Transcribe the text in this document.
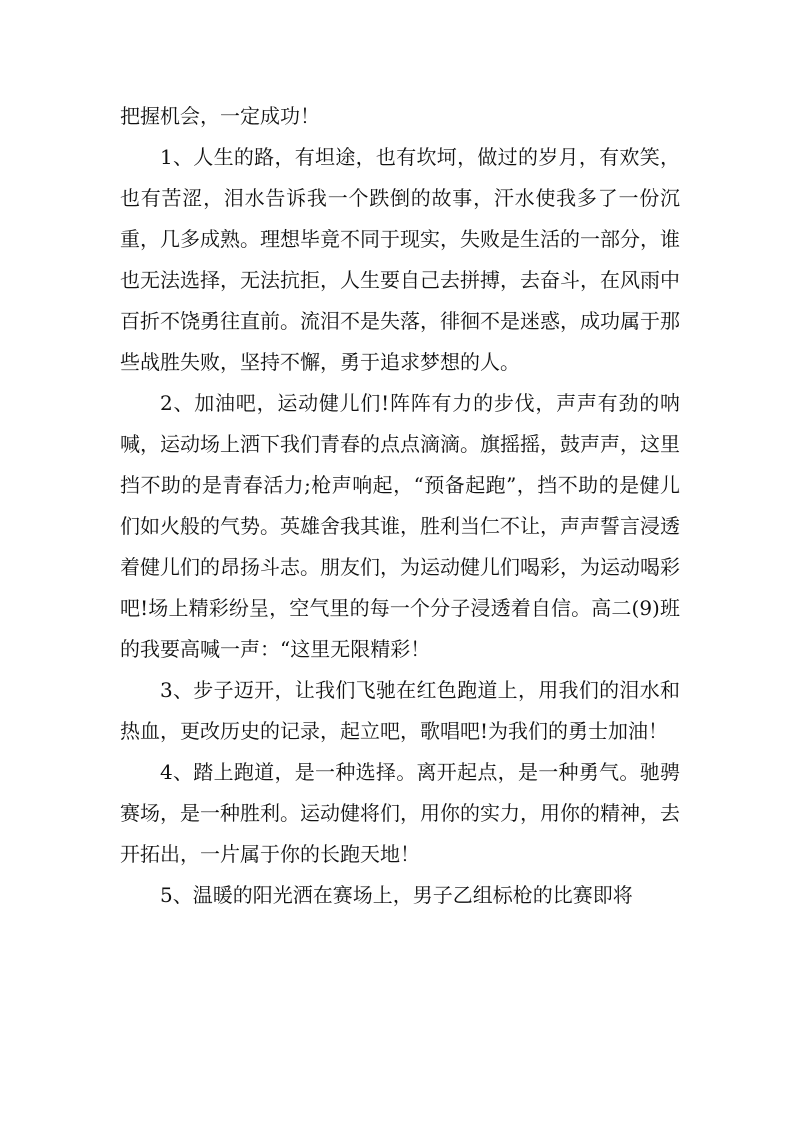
把握机会，一定成功！

1、人生的路，有坦途，也有坎坷，做过的岁月，有欢笑，也有苦涩，泪水告诉我一个跌倒的故事，汗水使我多了一份沉重，几多成熟。理想毕竟不同于现实，失败是生活的一部分，谁也无法选择，无法抗拒，人生要自己去拼搏，去奋斗，在风雨中百折不饶勇往直前。流泪不是失落，徘徊不是迷惑，成功属于那些战胜失败，坚持不懈，勇于追求梦想的人。

2、加油吧，运动健儿们!阵阵有力的步伐，声声有劲的呐喊，运动场上洒下我们青春的点点滴滴。旗摇摇，鼓声声，这里挡不助的是青春活力;枪声响起，“预备起跑”，挡不助的是健儿们如火般的气势。英雄舍我其谁，胜利当仁不让，声声誓言浸透着健儿们的昂扬斗志。朋友们，为运动健儿们喝彩，为运动喝彩吧!场上精彩纷呈，空气里的每一个分子浸透着自信。高二(9)班的我要高喊一声：“这里无限精彩！

3、步子迈开，让我们飞驰在红色跑道上，用我们的泪水和热血，更改历史的记录，起立吧，歌唱吧!为我们的勇士加油！

4、踏上跑道，是一种选择。离开起点，是一种勇气。驰骋赛场，是一种胜利。运动健将们，用你的实力，用你的精神，去开拓出，一片属于你的长跑天地！

5、温暖的阳光洒在赛场上，男子乙组标枪的比赛即将
